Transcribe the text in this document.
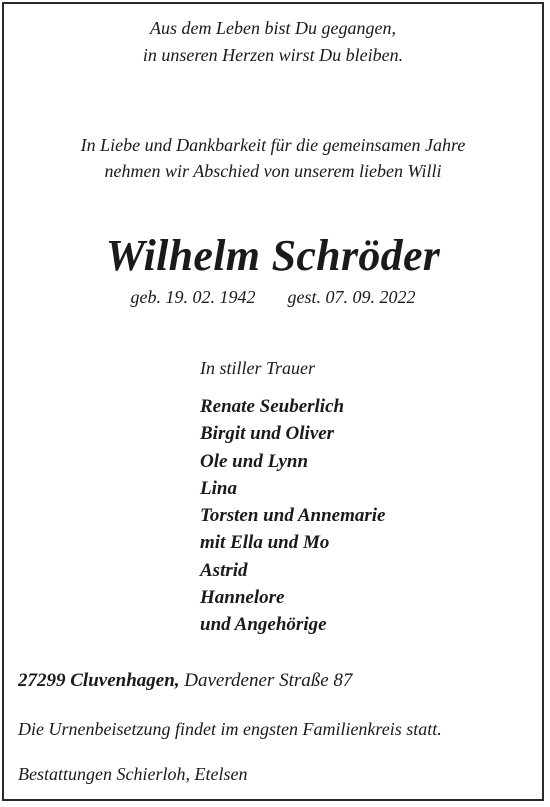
Aus dem Leben bist Du gegangen,
in unseren Herzen wirst Du bleiben.
In Liebe und Dankbarkeit für die gemeinsamen Jahre
nehmen wir Abschied von unserem lieben Willi
Wilhelm Schröder
geb. 19. 02. 1942 gest. 07. 09. 2022
In stiller Trauer
Renate Seuberlich
Birgit und Oliver
Ole und Lynn
Lina
Torsten und Annemarie
mit Ella und Mo
Astrid
Hannelore
und Angehörige
27299 Cluvenhagen, Daverdener Straße 87
Die Urnenbeisetzung findet im engsten Familienkreis statt.
Bestattungen Schierloh, Etelsen
